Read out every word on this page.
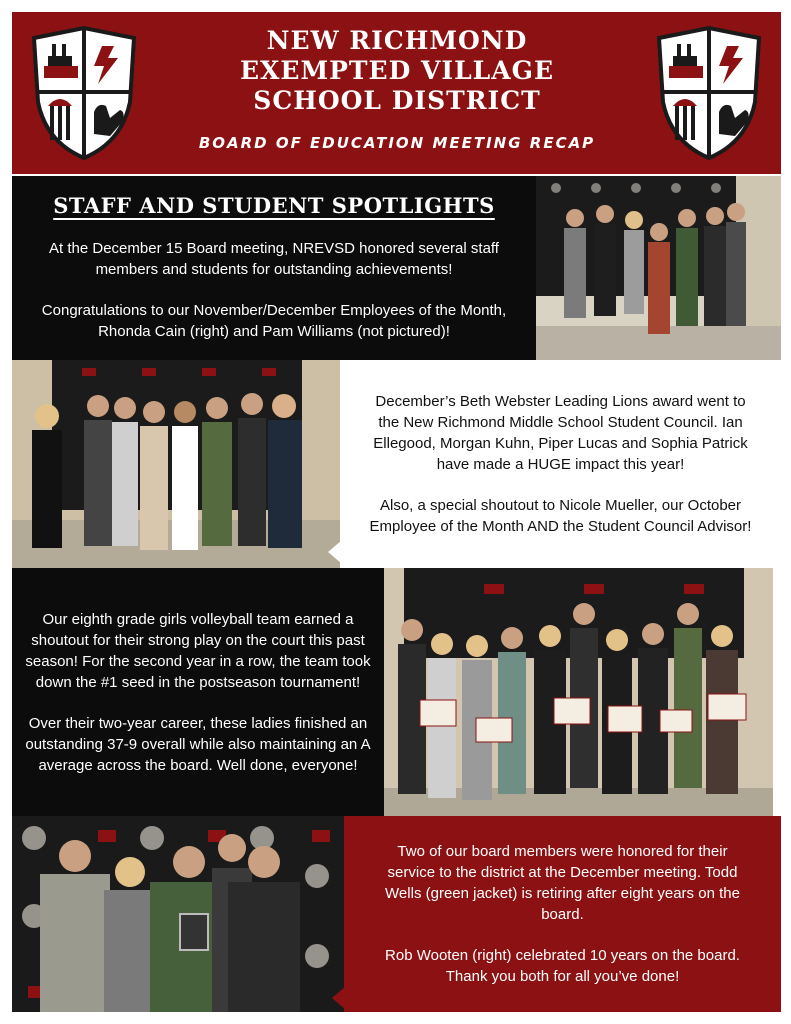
NEW RICHMOND
EXEMPTED VILLAGE
SCHOOL DISTRICT
BOARD OF EDUCATION MEETING RECAP
STAFF AND STUDENT SPOTLIGHTS

At the December 15 Board meeting, NREVSD honored several staff members and students for outstanding achievements!

Congratulations to our November/December Employees of the Month, Rhonda Cain (right) and Pam Williams (not pictured)!

December’s Beth Webster Leading Lions award went to the New Richmond Middle School Student Council. Ian Ellegood, Morgan Kuhn, Piper Lucas and Sophia Patrick have made a HUGE impact this year!

Also, a special shoutout to Nicole Mueller, our October Employee of the Month AND the Student Council Advisor!

Our eighth grade girls volleyball team earned a shoutout for their strong play on the court this past season! For the second year in a row, the team took down the #1 seed in the postseason tournament!

Over their two-year career, these ladies finished an outstanding 37-9 overall while also maintaining an A average across the board. Well done, everyone!

Two of our board members were honored for their service to the district at the December meeting. Todd Wells (green jacket) is retiring after eight years on the board.

Rob Wooten (right) celebrated 10 years on the board. Thank you both for all you’ve done!
